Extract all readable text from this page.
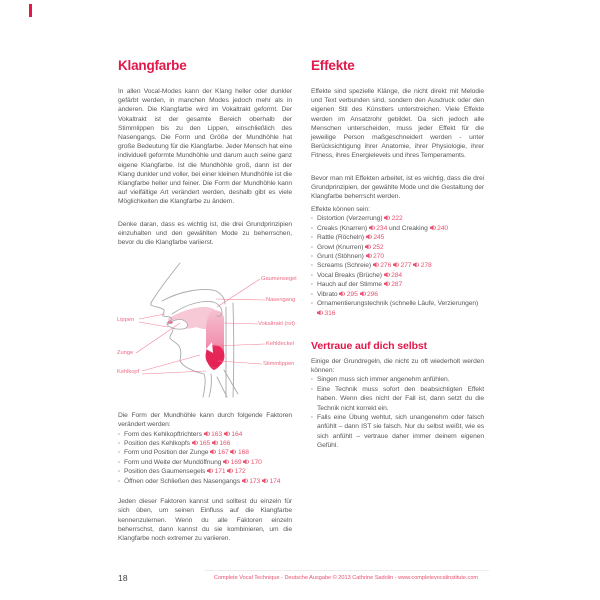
Klangfarbe

In allen Vocal-Modes kann der Klang heller oder dunkler gefärbt werden, in manchen Modes jedoch mehr als in anderen. Die Klangfarbe wird im Vokaltrakt geformt. Der Vokaltrakt ist der gesamte Bereich oberhalb der Stimmlippen bis zu den Lippen, einschließlich des Nasengangs. Die Form und Größe der Mundhöhle hat große Bedeutung für die Klangfarbe. Jeder Mensch hat eine individuell geformte Mundhöhle und darum auch seine ganz eigene Klangfarbe. Ist die Mundhöhle groß, dann ist der Klang dunkler und voller, bei einer kleinen Mundhöhle ist die Klangfarbe heller und feiner. Die Form der Mundhöhle kann auf vielfältige Art verändert werden, deshalb gibt es viele Möglichkeiten die Klangfarbe zu ändern.

Denke daran, dass es wichtig ist, die drei Grundprinzipien einzuhalten und den gewählten Mode zu beherrschen, bevor du die Klangfarbe variierst.

Lippen
Zunge
Kehlkopf
Gaumensegel
Nasengang
Vokaltrakt (rot)
Kehldeckel
Stimmlippen

Die Form der Mundhöhle kann durch folgende Faktoren verändert werden:

·
Form des Kehlkopftrichters 163 164
·
Position des Kehlkopfs 165 166
·
Form und Position der Zunge 167 168
·
Form und Weite der Mundöffnung 169 170
·
Position des Gaumensegels 171 172
·
Öffnen oder Schließen des Nasengangs 173 174

Jeden dieser Faktoren kannst und solltest du einzeln für sich üben, um seinen Einfluss auf die Klangfarbe kennenzulernen. Wenn du alle Faktoren einzeln beherrschst, dann kannst du sie kombinieren, um die Klangfarbe noch extremer zu variieren.

Effekte

Effekte sind spezielle Klänge, die nicht direkt mit Melodie und Text verbunden sind, sondern den Ausdruck oder den eigenen Stil des Künstlers unterstreichen. Viele Effekte werden im Ansatzrohr gebildet. Da sich jedoch alle Menschen unterscheiden, muss jeder Effekt für die jeweilige Person maßgeschneidert werden - unter Berücksichtigung ihrer Anatomie, ihrer Physiologie, ihrer Fitness, ihres Energielevels und ihres Temperaments.

Bevor man mit Effekten arbeitet, ist es wichtig, dass die drei Grundprinzipien, der gewählte Mode und die Gestaltung der Klangfarbe beherrscht werden.

Effekte können sein:

·
Distortion (Verzerrung) 222
·
Creaks (Knarren) 234 und Creaking 240
·
Rattle (Röcheln) 245
·
Growl (Knurren) 252
·
Grunt (Stöhnen) 270
·
Screams (Schreie) 276 277 278
·
Vocal Breaks (Brüche) 284
·
Hauch auf der Stimme 287
·
Vibrato 295 296
·
Ornamentierungstechnik (schnelle Läufe, Verzierungen) 316
Vertraue auf dich selbst

Einige der Grundregeln, die nicht zu oft wiederholt werden können:

·
Singen muss sich immer angenehm anfühlen.
·
Eine Technik muss sofort den beabsichtigten Effekt haben. Wenn dies nicht der Fall ist, dann setzt du die Technik nicht korrekt ein.
·
Falls eine Übung wehtut, sich unangenehm oder falsch anfühlt – dann IST sie falsch. Nur du selbst weißt, wie es sich anfühlt – vertraue daher immer deinem eigenen Gefühl.
18	Complete Vocal Technique - Deutsche Ausgabe © 2013 Cathrine Sadolin - www.completevocalinstitute.com
